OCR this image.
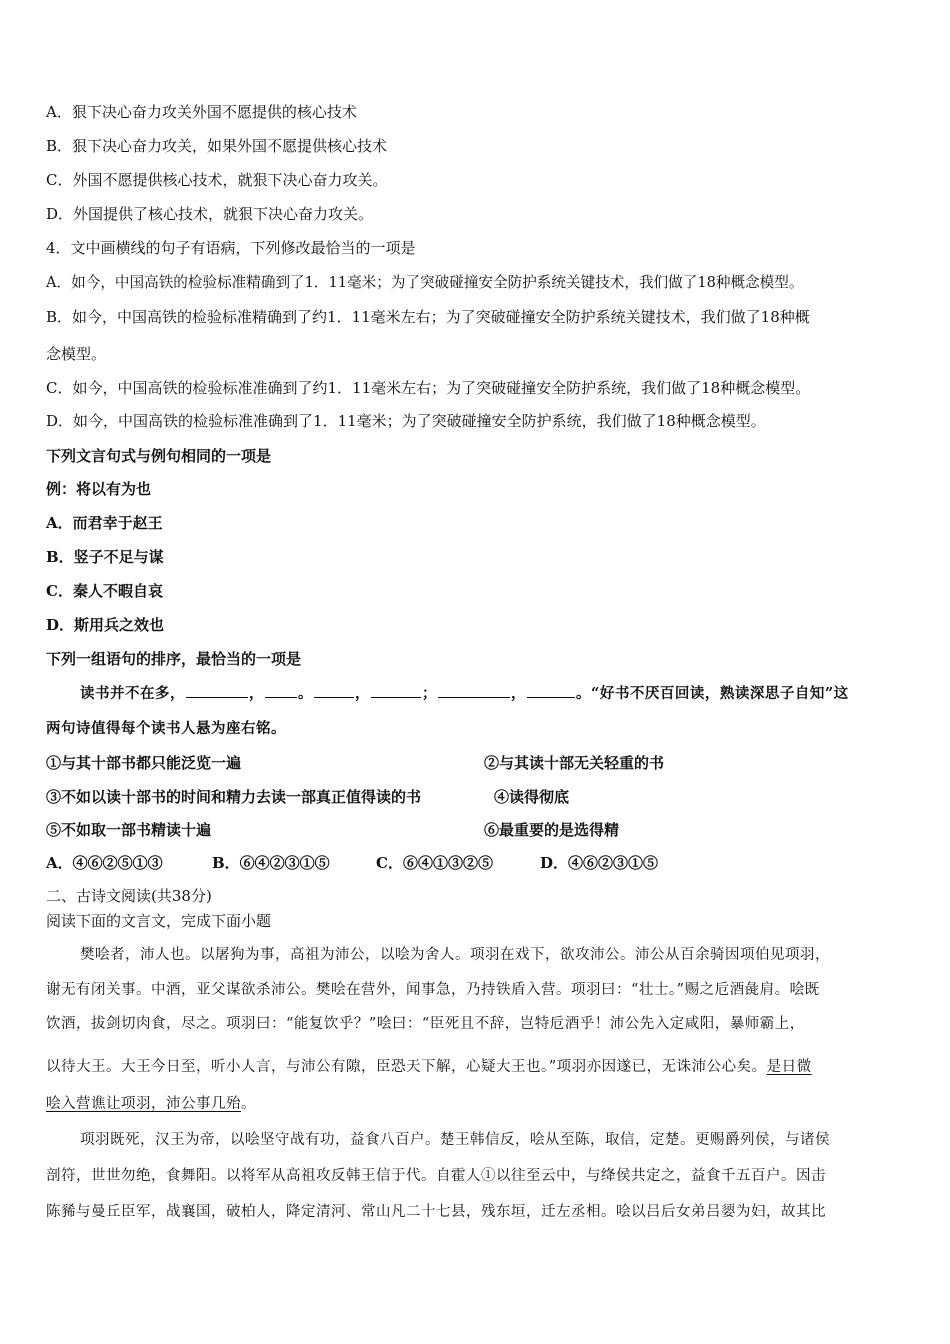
A．狠下决心奋力攻关外国不愿提供的核心技术
B．狠下决心奋力攻关，如果外国不愿提供核心技术
C．外国不愿提供核心技术，就狠下决心奋力攻关。
D．外国提供了核心技术，就狠下决心奋力攻关。
4．文中画横线的句子有语病，下列修改最恰当的一项是
A．如今，中国高铁的检验标准精确到了1．11毫米；为了突破碰撞安全防护系统关键技术，我们做了18种概念模型。
B．如今，中国高铁的检验标准精确到了约1．11毫米左右；为了突破碰撞安全防护系统关键技术，我们做了18种概
念模型。
C．如今，中国高铁的检验标准准确到了约1．11毫米左右；为了突破碰撞安全防护系统，我们做了18种概念模型。
D．如今，中国高铁的检验标准准确到了1．11毫米；为了突破碰撞安全防护系统，我们做了18种概念模型。
下列文言句式与例句相同的一项是
例：将以有为也
A．而君幸于赵王
B．竖子不足与谋
C．秦人不暇自哀
D．斯用兵之效也
下列一组语句的排序，最恰当的一项是
读书并不在多，	， 。	，	；	，	。“好书不厌百回读，熟读深思子自知”这
两句诗值得每个读书人悬为座右铭。
①与其十部书都只能泛览一遍	②与其读十部无关轻重的书
③不如以读十部书的时间和精力去读一部真正值得读的书	④读得彻底
⑤不如取一部书精读十遍	⑥最重要的是选得精
A．④⑥②⑤①③	B．⑥④②③①⑤	C．⑥④①③②⑤	D．④⑥②③①⑤
二、古诗文阅读(共38分)
阅读下面的文言文，完成下面小题
樊哙者，沛人也。以屠狗为事，高祖为沛公，以哙为舍人。项羽在戏下，欲攻沛公。沛公从百余骑因项伯见项羽，
谢无有闭关事。中酒，亚父谋欲杀沛公。樊哙在营外，闻事急，乃持铁盾入营。项羽曰：“壮士。”赐之卮酒彘肩。哙既
饮酒，拔剑切肉食，尽之。项羽曰：“能复饮乎？”哙曰：“臣死且不辞，岂特卮酒乎！沛公先入定咸阳，暴师霸上，
以待大王。大王今日至，听小人言，与沛公有隙，臣恐天下解，心疑大王也。”项羽亦因遂已，无诛沛公心矣。是日微
哙入营谯让项羽，沛公事几殆。
项羽既死，汉王为帝，以哙坚守战有功，益食八百户。楚王韩信反，哙从至陈，取信，定楚。更赐爵列侯，与诸侯
剖符，世世勿绝，食舞阳。以将军从高祖攻反韩王信于代。自霍人①以往至云中，与绛侯共定之，益食千五百户。因击
陈豨与曼丘臣军，战襄国，破柏人，降定清河、常山凡二十七县，残东垣，迁左丞相。哙以吕后女弟吕媭为妇，故其比
